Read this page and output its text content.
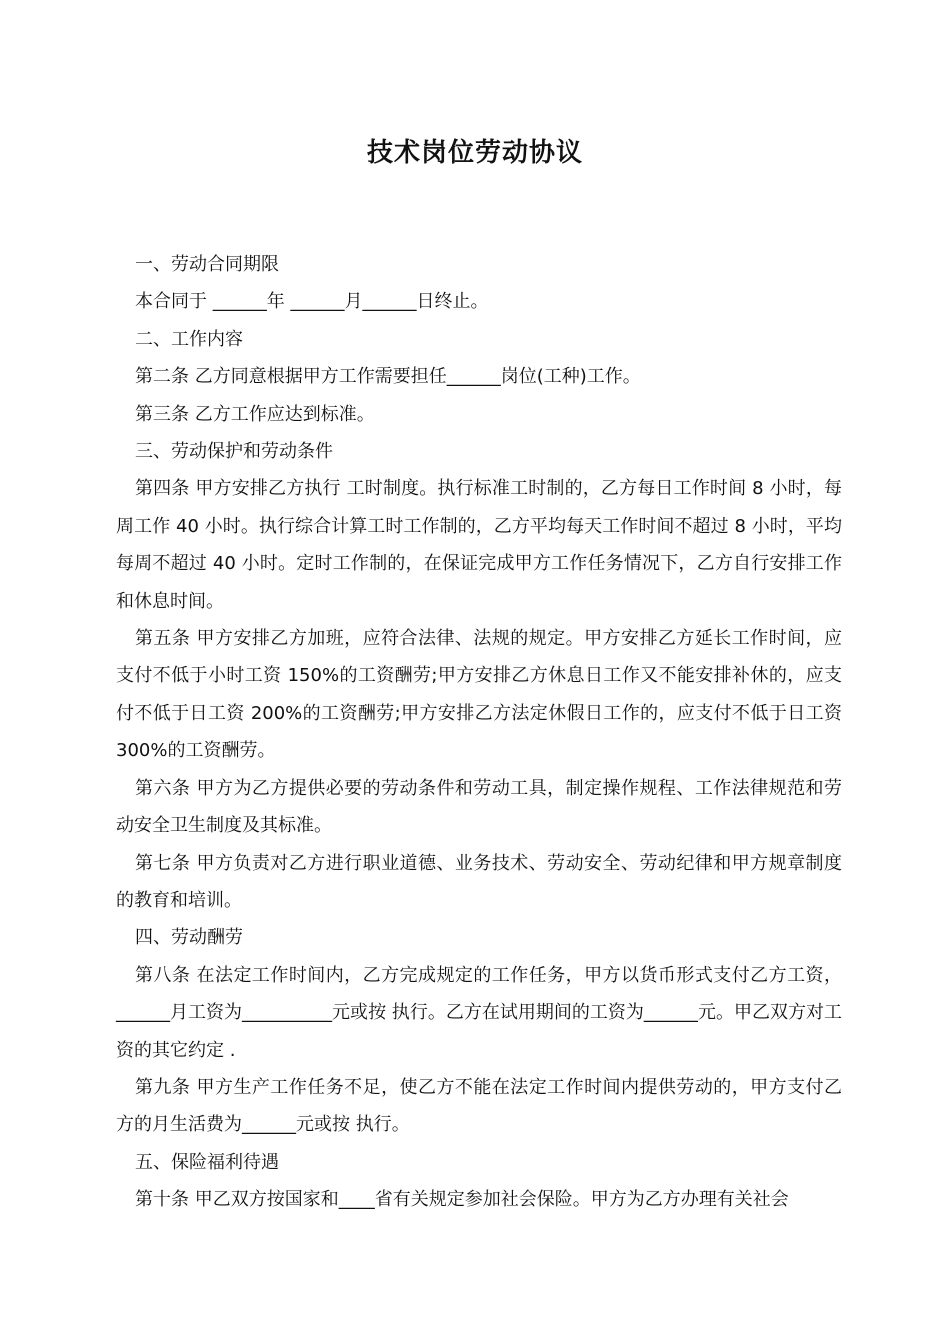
技术岗位劳动协议

一、劳动合同期限

本合同于 ______年 ______月______日终止。

二、工作内容

第二条 乙方同意根据甲方工作需要担任______岗位(工种)工作。

第三条 乙方工作应达到标准。

三、劳动保护和劳动条件

第四条 甲方安排乙方执行 工时制度。执行标准工时制的，乙方每日工作时间 8 小时，每周工作 40 小时。执行综合计算工时工作制的，乙方平均每天工作时间不超过 8 小时，平均每周不超过 40 小时。定时工作制的，在保证完成甲方工作任务情况下，乙方自行安排工作和休息时间。

第五条 甲方安排乙方加班，应符合法律、法规的规定。甲方安排乙方延长工作时间，应支付不低于小时工资 150%的工资酬劳;甲方安排乙方休息日工作又不能安排补休的，应支付不低于日工资 200%的工资酬劳;甲方安排乙方法定休假日工作的，应支付不低于日工资 300%的工资酬劳。

第六条 甲方为乙方提供必要的劳动条件和劳动工具，制定操作规程、工作法律规范和劳动安全卫生制度及其标准。

第七条 甲方负责对乙方进行职业道德、业务技术、劳动安全、劳动纪律和甲方规章制度的教育和培训。

四、劳动酬劳

第八条 在法定工作时间内，乙方完成规定的工作任务，甲方以货币形式支付乙方工资，______月工资为__________元或按 执行。乙方在试用期间的工资为______元。甲乙双方对工资的其它约定 .

第九条 甲方生产工作任务不足，使乙方不能在法定工作时间内提供劳动的，甲方支付乙方的月生活费为______元或按 执行。

五、保险福利待遇

第十条 甲乙双方按国家和____省有关规定参加社会保险。甲方为乙方办理有关社会
